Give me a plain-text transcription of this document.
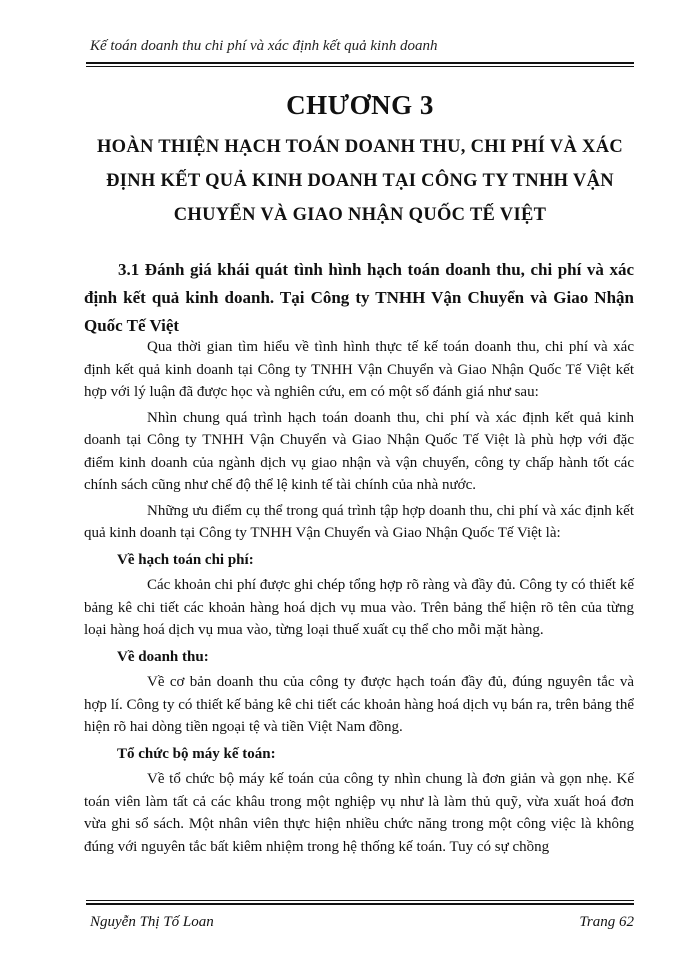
Kế toán doanh thu chi phí và xác định kết quả kinh doanh
CHƯƠNG 3
HOÀN THIỆN HẠCH TOÁN DOANH THU, CHI PHÍ VÀ XÁC
ĐỊNH KẾT QUẢ KINH DOANH TẠI CÔNG TY TNHH VẬN
CHUYỂN VÀ GIAO NHẬN QUỐC TẾ VIỆT
3.1 Đánh giá khái quát tình hình hạch toán doanh thu, chi phí và xác
định kết quả kinh doanh. Tại Công ty TNHH Vận Chuyển và Giao Nhận Quốc Tế Việt

Qua thời gian tìm hiểu về tình hình thực tế kế toán doanh thu, chi phí và xác định kết quả kinh doanh tại Công ty TNHH Vận Chuyển và Giao Nhận Quốc Tế Việt kết hợp với lý luận đã được học và nghiên cứu, em có một số đánh giá như sau:

Nhìn chung quá trình hạch toán doanh thu, chi phí và xác định kết quả kinh doanh tại Công ty TNHH Vận Chuyển và Giao Nhận Quốc Tế Việt là phù hợp với đặc điểm kinh doanh của ngành dịch vụ giao nhận và vận chuyển, công ty chấp hành tốt các chính sách cũng như chế độ thể lệ kinh tế tài chính của nhà nước.

Những ưu điểm cụ thể trong quá trình tập hợp doanh thu, chi phí và xác định kết quả kinh doanh tại Công ty TNHH Vận Chuyển và Giao Nhận Quốc Tế Việt là:

Về hạch toán chi phí:

Các khoản chi phí được ghi chép tổng hợp rõ ràng và đầy đủ. Công ty có thiết kế bảng kê chi tiết các khoản hàng hoá dịch vụ mua vào. Trên bảng thể hiện rõ tên của từng loại hàng hoá dịch vụ mua vào, từng loại thuế xuất cụ thể cho mỗi mặt hàng.

Về doanh thu:

Về cơ bản doanh thu của công ty được hạch toán đầy đủ, đúng nguyên tắc và hợp lí. Công ty có thiết kế bảng kê chi tiết các khoản hàng hoá dịch vụ bán ra, trên bảng thể hiện rõ hai dòng tiền ngoại tệ và tiền Việt Nam đồng.

Tổ chức bộ máy kế toán:

Về tổ chức bộ máy kế toán của công ty nhìn chung là đơn giản và gọn nhẹ. Kế toán viên làm tất cả các khâu trong một nghiệp vụ như là làm thủ quỹ, vừa xuất hoá đơn vừa ghi sổ sách. Một nhân viên thực hiện nhiều chức năng trong một công việc là không đúng với nguyên tắc bất kiêm nhiệm trong hệ thống kế toán. Tuy có sự chồng

Nguyễn Thị Tố Loan	Trang 62
